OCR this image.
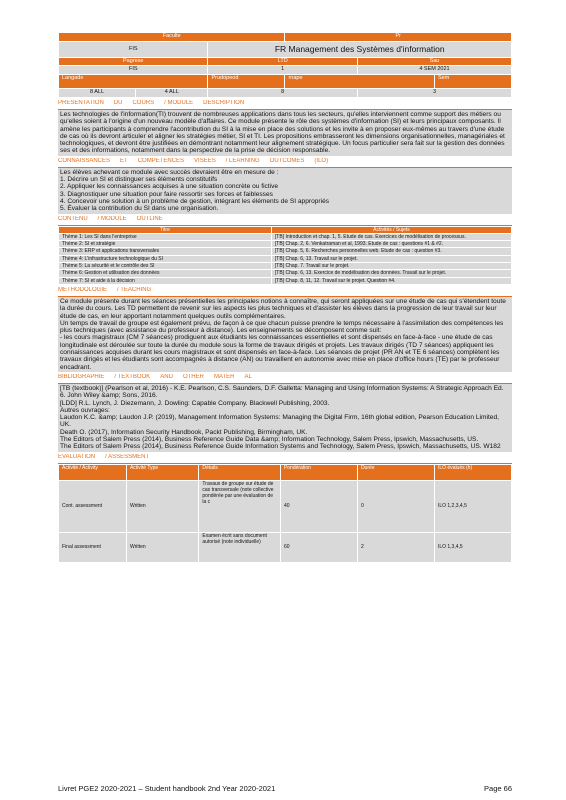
Faculte			Pr		
FIS		FR Management des Systèmes d'information			
Pagrese		LTD		Sau	
FIS		1		4 SEM 2021	
Langade		Prudopeod	rnape		Sem
8 ALL	4 ALL	8		3	
PRESENTATION DU COURS / MODULE DESCRIPTION

Les technologies de l'information(TI) trouvent de nombreuses applications dans tous les secteurs, qu'elles interviennent comme support des métiers ou qu'elles soient à l'origine d'un nouveau modèle d'affaires. Ce module présente le rôle des systèmes d'information (SI) et leurs principaux composants. Il amène les participants à comprendre l'acontribution du SI à la mise en place des solutions et les invite à en proposer eux-mêmes au travers d'une étude de cas où ils devront articuler et aligner les stratégies métier, SI et TI. Les propositions embrasseront les dimensions organisationnelles, managériales et technologiques, et devront être justifiées en démontrant notamment leur alignement stratégique. Un focus particulier sera fait sur la gestion des données ses et des informations, notamment dans la perspective de la prise de décision responsable.

CONNAISSANCES ET COMPETENCES VISEES / LEARNING OUTCOMES (ILO)

Les élèves achevant ce module avec succès devraient être en mesure de :

1. Décrire un SI et distinguer ses éléments constitutifs

2. Appliquer les connaissances acquises à une situation concrète ou fictive

3. Diagnostiquer une situation pour faire ressortir ses forces et faiblesses

4. Concevoir une solution à un problème de gestion, intégrant les éléments de SI appropriés

5. Évaluer la contribution du SI dans une organisation.

CONTENU / MODULE OUTLINE
Titre	Activités / Sujets
Thème 1: Les SI dans l'entreprise	[TB] Introduction et chap. 1, 5. Étude de cas. Exercices de modélisation de processus.
Thème 2: SI et stratégie	[TB] Chap. 2, 6. Venkatraman et al, 1993. Étude de cas : questions #1 & #2.
Thème 3: ERP et applications transversales	[TB] Chap. 5, 6. Recherches personnelles web. Étude de cas : question #3.
Thème 4: L'infrastructure technologique du SI	[TB] Chap. 6, 13. Travail sur le projet.
Thème 5: La sécurité et le contrôle des SI	[TB] Chap. 7. Travail sur le projet.
Thème 6: Gestion et utilisation des données	[TB] Chap. 6, 13. Exercice de modélisation des données. Travail sur le projet.
Thème 7: SI et aide à la décision	[TB] Chap. 8, 11, 12. Travail sur le projet. Question #4.
METHODOLOGIE / TEACHING

Ce module présente durant les séances présentielles les principales notions à connaître, qui seront appliquées sur une étude de cas qui s'étendent toute la durée du cours. Les TD permettent de revenir sur les aspects les plus techniques et d'assister les élèves dans la progression de leur travail sur leur étude de cas, en leur apportant notamment quelques outils complémentaires.

Un temps de travail de groupe est également prévu, de façon à ce que chacun puisse prendre le temps nécessaire à l'assimilation des compétences les plus techniques (avec assistance du professeur à distance). Les enseignements se décomposent comme suit:

- les cours magistraux (CM 7 séances) prodiguent aux étudiants les connaissances essentielles et sont dispensés en face-à-face - une étude de cas longitudinale est déroulée sur toute la durée du module sous la forme de travaux dirigés et projets. Les travaux dirigés (TD 7 séances) appliquent les connaissances acquises durant les cours magistraux et sont dispensés en face-à-face. Les séances de projet (PR AN et TE 6 séances) complètent les travaux dirigés et les étudiants sont accompagnés à distance (AN) ou travaillent en autonomie avec mise en place d'office hours (TE) par le professeur encadrant.

BIBLIOGRAPHIE / TEXTBOOK AND OTHER MATER AL

[TB (textbook)] (Pearlson et al, 2016) - K.E. Pearlson, C.S. Saunders, D.F. Galletta: Managing and Using Information Systems: A Strategic Approach Ed. 6. John Wiley &amp; Sons, 2016.

[LDD] R.L. Lynch, J. Diezemann, J. Dowling: Capable Company. Blackwell Publishing, 2003.

Autres ouvrages:

Laudon K.C. &amp; Laudon J.P. (2019), Management Information Systems: Managing the Digital Firm, 16th global edition, Pearson Education Limited, UK.

Death O. (2017), Information Security Handbook, Packt Publishing, Birmingham, UK.

The Editors of Salem Press (2014), Business Reference Guide Data &amp; Information Technology, Salem Press, Ipswich, Massachusetts, US.

The Editors of Salem Press (2014), Business Reference Guide Information Systems and Technology, Salem Press, Ipswich, Massachusetts, US. W182

EVALUATION / ASSESSMENT
Activité / Activity	Activité Type	Détails	Pondération	Durée	ILO évalués (h)
Cont. assessment	Written	Travaux de groupe sur étude de cas transversale (note collective pondérée par une évaluation de la c	40	0	ILO 1,2,3,4,5
Final assessment	Written	Examen écrit sans document autorisé (note individuelle)	60	2	ILO 1,3,4,5
Livret PGE2 2020-2021 – Student handbook 2nd Year 2020-2021	Page 66
